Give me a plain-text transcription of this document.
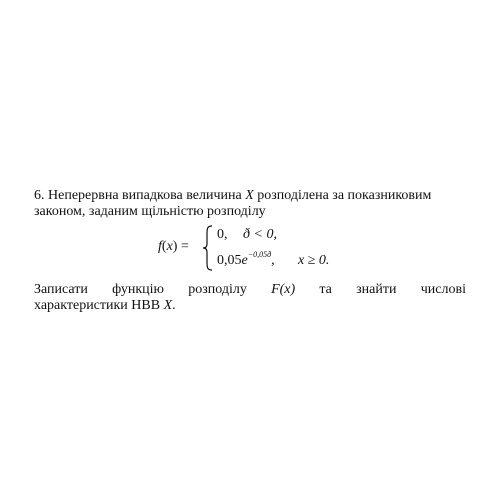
6. Неперервна випадкова величина X розподілена за показниковим
законом, заданим щільністю розподілу
f(x) =
0, ð < 0,
$0,05e^{-0,05ð}$, x ≥ 0.
Записати функцію розподілу F(x) та знайти числові
характеристики НВВ X.
